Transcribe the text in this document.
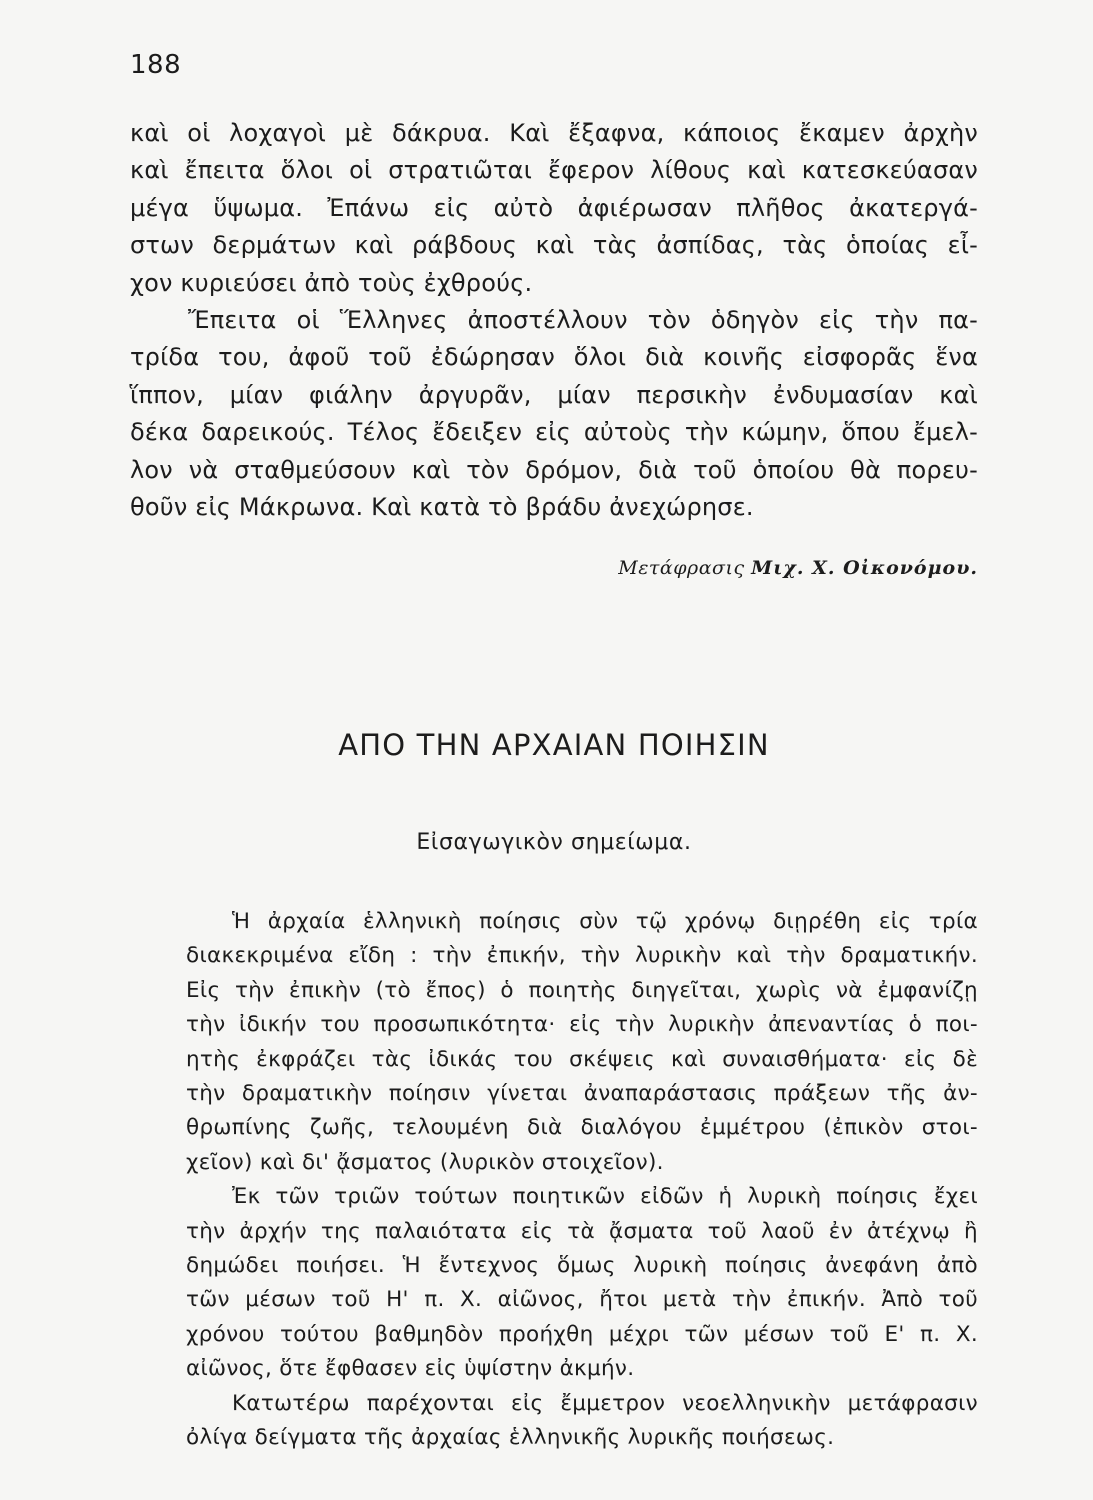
188
καὶ οἱ λοχαγοὶ μὲ δάκρυα. Καὶ ἔξαφνα, κάποιος ἔκαμεν ἀρχὴν
καὶ ἔπειτα ὅλοι οἱ στρατιῶται ἔφερον λίθους καὶ κατεσκεύασαν
μέγα ὕψωμα. Ἐπάνω εἰς αὐτὸ ἀφιέρωσαν πλῆθος ἀκατεργά-
στων δερμάτων καὶ ράβδους καὶ τὰς ἀσπίδας, τὰς ὁποίας εἶ-
χον κυριεύσει ἀπὸ τοὺς ἐχθρούς.
Ἔπειτα οἱ Ἕλληνες ἀποστέλλουν τὸν ὁδηγὸν εἰς τὴν πα-
τρίδα του, ἀφοῦ τοῦ ἐδώρησαν ὅλοι διὰ κοινῆς εἰσφορᾶς ἕνα
ἵππον, μίαν φιάλην ἀργυρᾶν, μίαν περσικὴν ἐνδυμασίαν καὶ
δέκα δαρεικούς. Τέλος ἔδειξεν εἰς αὐτοὺς τὴν κώμην, ὅπου ἔμελ-
λον νὰ σταθμεύσουν καὶ τὸν δρόμον, διὰ τοῦ ὁποίου θὰ πορευ-
θοῦν εἰς Μάκρωνα. Καὶ κατὰ τὸ βράδυ ἀνεχώρησε.
Μετάφρασις Μιχ. Χ. Οἰκονόμου.
ΑΠΟ ΤΗΝ ΑΡΧΑΙΑΝ ΠΟΙΗΣΙΝ
Εἰσαγωγικὸν σημείωμα.
Ἡ ἀρχαία ἑλληνικὴ ποίησις σὺν τῷ χρόνῳ διῃρέθη εἰς τρία
διακεκριμένα εἴδη : τὴν ἐπικήν, τὴν λυρικὴν καὶ τὴν δραματικήν.
Εἰς τὴν ἐπικὴν (τὸ ἔπος) ὁ ποιητὴς διηγεῖται, χωρὶς νὰ ἐμφανίζῃ
τὴν ἰδικήν του προσωπικότητα· εἰς τὴν λυρικὴν ἀπεναντίας ὁ ποι-
ητὴς ἐκφράζει τὰς ἰδικάς του σκέψεις καὶ συναισθήματα· εἰς δὲ
τὴν δραματικὴν ποίησιν γίνεται ἀναπαράστασις πράξεων τῆς ἀν-
θρωπίνης ζωῆς, τελουμένη διὰ διαλόγου ἐμμέτρου (ἐπικὸν στοι-
χεῖον) καὶ δι' ᾄσματος (λυρικὸν στοιχεῖον).
Ἐκ τῶν τριῶν τούτων ποιητικῶν εἰδῶν ἡ λυρικὴ ποίησις ἔχει
τὴν ἀρχήν της παλαιότατα εἰς τὰ ᾄσματα τοῦ λαοῦ ἐν ἀτέχνῳ ἢ
δημώδει ποιήσει. Ἡ ἔντεχνος ὅμως λυρικὴ ποίησις ἀνεφάνη ἀπὸ
τῶν μέσων τοῦ Η' π. Χ. αἰῶνος, ἤτοι μετὰ τὴν ἐπικήν. Ἀπὸ τοῦ
χρόνου τούτου βαθμηδὸν προήχθη μέχρι τῶν μέσων τοῦ Ε' π. Χ.
αἰῶνος, ὅτε ἔφθασεν εἰς ὑψίστην ἀκμήν.
Κατωτέρω παρέχονται εἰς ἔμμετρον νεοελληνικὴν μετάφρασιν
ὀλίγα δείγματα τῆς ἀρχαίας ἑλληνικῆς λυρικῆς ποιήσεως.
